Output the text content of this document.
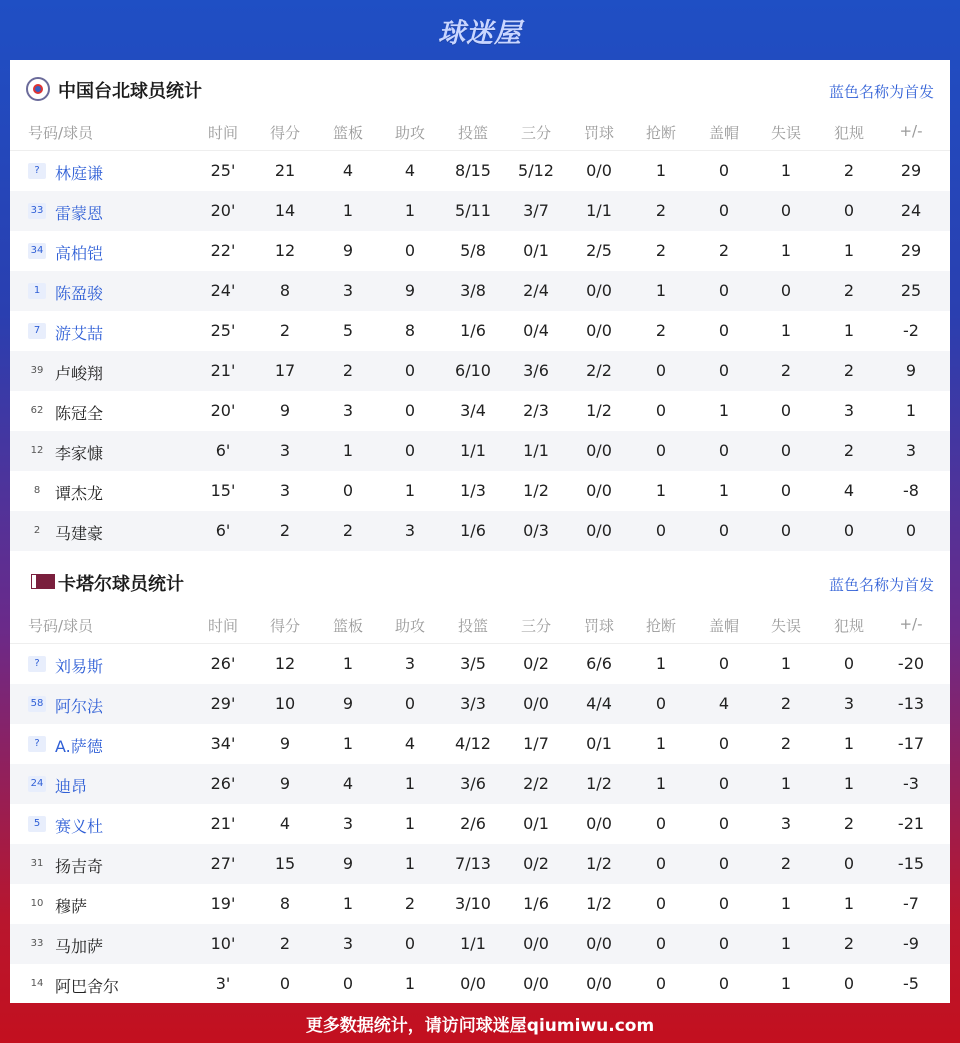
球迷屋
中国台北球员统计	蓝色名称为首发
号码/球员	时间	得分	篮板	助攻	投篮	三分	罚球	抢断	盖帽	失误	犯规	+/-
? 林庭谦	25'	21	4	4	8/15	5/12	0/0	1	0	1	2	29
33 雷蒙恩	20'	14	1	1	5/11	3/7	1/1	2	0	0	0	24
34 高柏铠	22'	12	9	0	5/8	0/1	2/5	2	2	1	1	29
1 陈盈骏	24'	8	3	9	3/8	2/4	0/0	1	0	0	2	25
7 游艾喆	25'	2	5	8	1/6	0/4	0/0	2	0	1	1	-2
39 卢峻翔	21'	17	2	0	6/10	3/6	2/2	0	0	2	2	9
62 陈冠全	20'	9	3	0	3/4	2/3	1/2	0	1	0	3	1
12 李家慷	6'	3	1	0	1/1	1/1	0/0	0	0	0	2	3
8 谭杰龙	15'	3	0	1	1/3	1/2	0/0	1	1	0	4	-8
2 马建豪	6'	2	2	3	1/6	0/3	0/0	0	0	0	0	0
卡塔尔球员统计	蓝色名称为首发
号码/球员	时间	得分	篮板	助攻	投篮	三分	罚球	抢断	盖帽	失误	犯规	+/-
? 刘易斯	26'	12	1	3	3/5	0/2	6/6	1	0	1	0	-20
58 阿尔法	29'	10	9	0	3/3	0/0	4/4	0	4	2	3	-13
? A.萨德	34'	9	1	4	4/12	1/7	0/1	1	0	2	1	-17
24 迪昂	26'	9	4	1	3/6	2/2	1/2	1	0	1	1	-3
5 赛义杜	21'	4	3	1	2/6	0/1	0/0	0	0	3	2	-21
31 扬吉奇	27'	15	9	1	7/13	0/2	1/2	0	0	2	0	-15
10 穆萨	19'	8	1	2	3/10	1/6	1/2	0	0	1	1	-7
33 马加萨	10'	2	3	0	1/1	0/0	0/0	0	0	1	2	-9
14 阿巴舍尔	3'	0	0	1	0/0	0/0	0/0	0	0	1	0	-5
更多数据统计，请访问球迷屋qiumiwu.com
